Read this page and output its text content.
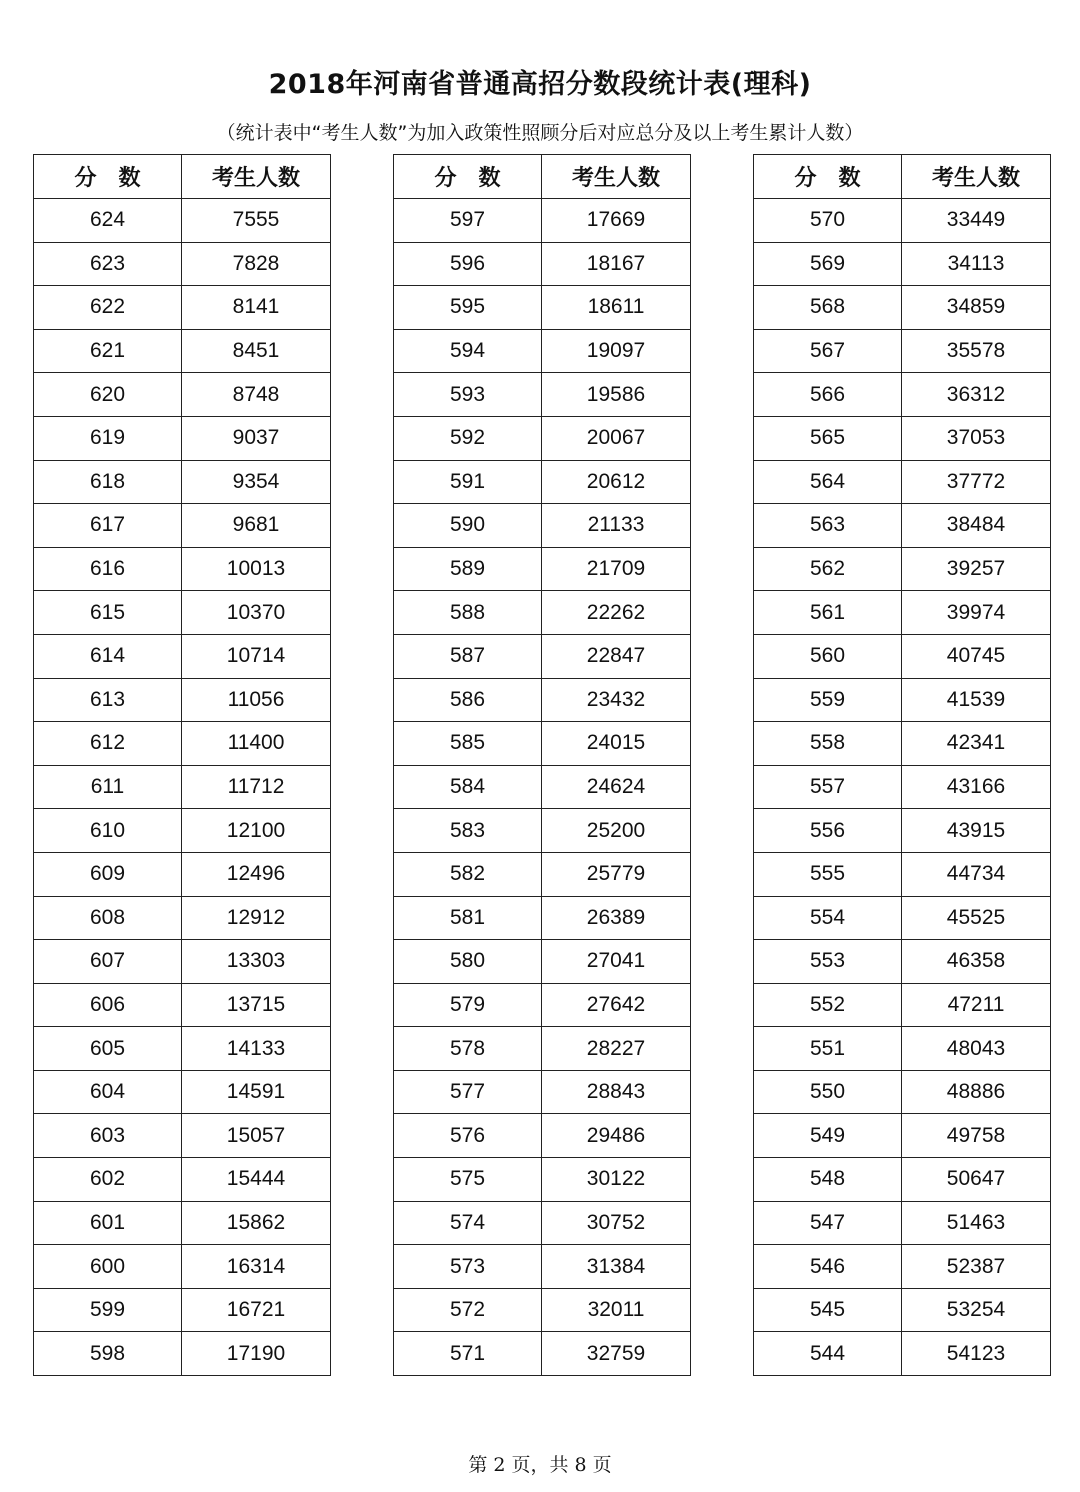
2018年河南省普通高招分数段统计表(理科)
（统计表中“考生人数”为加入政策性照顾分后对应总分及以上考生累计人数）
分　数	考生人数
624	7555
623	7828
622	8141
621	8451
620	8748
619	9037
618	9354
617	9681
616	10013
615	10370
614	10714
613	11056
612	11400
611	11712
610	12100
609	12496
608	12912
607	13303
606	13715
605	14133
604	14591
603	15057
602	15444
601	15862
600	16314
599	16721
598	17190
分　数	考生人数
597	17669
596	18167
595	18611
594	19097
593	19586
592	20067
591	20612
590	21133
589	21709
588	22262
587	22847
586	23432
585	24015
584	24624
583	25200
582	25779
581	26389
580	27041
579	27642
578	28227
577	28843
576	29486
575	30122
574	30752
573	31384
572	32011
571	32759
分　数	考生人数
570	33449
569	34113
568	34859
567	35578
566	36312
565	37053
564	37772
563	38484
562	39257
561	39974
560	40745
559	41539
558	42341
557	43166
556	43915
555	44734
554	45525
553	46358
552	47211
551	48043
550	48886
549	49758
548	50647
547	51463
546	52387
545	53254
544	54123
第 2 页，共 8 页
